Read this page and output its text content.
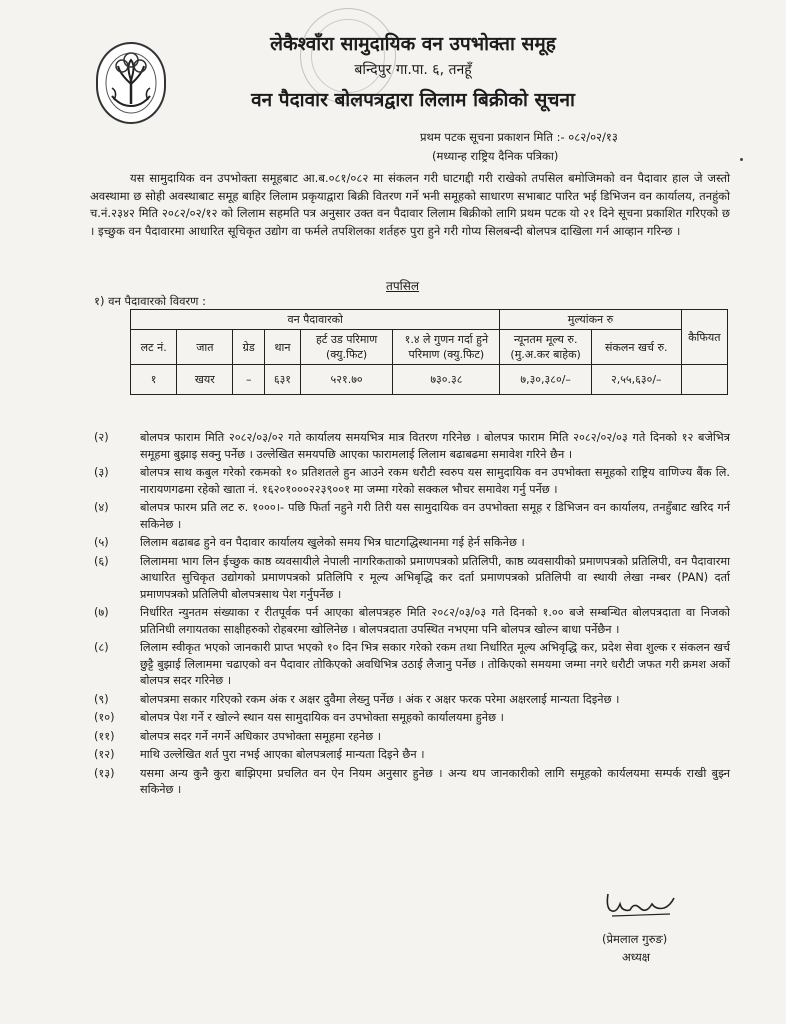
लेकैश्वाँरा सामुदायिक वन उपभोक्ता समूह
बन्दिपुर गा.पा. ६, तनहूँ
वन पैदावार बोलपत्रद्वारा लिलाम बिक्रीको सूचना
प्रथम पटक सूचना प्रकाशन मिति :- ०८२/०२/१३
(मध्यान्ह राष्ट्रिय दैनिक पत्रिका)

यस सामुदायिक वन उपभोक्ता समूहबाट आ.ब.०८१/०८२ मा संकलन गरी घाटगद्दी गरी राखेको तपसिल बमोजिमको वन पैदावार हाल जे जस्तो अवस्थामा छ सोही अवस्थाबाट समूह बाहिर लिलाम प्रकृयाद्वारा बिक्री वितरण गर्ने भनी समूहको साधारण सभाबाट पारित भई डिभिजन वन कार्यालय, तनहुंको च.नं.२३४२ मिति २०८२/०२/१२ को लिलाम सहमति पत्र अनुसार उक्त वन पैदावार लिलाम बिक्रीको लागि प्रथम पटक यो २१ दिने सूचना प्रकाशित गरिएको छ । इच्छुक वन पैदावारमा आधारित सूचिकृत उद्योग वा फर्मले तपशिलका शर्तहरु पुरा हुने गरी गोप्य सिलबन्दी बोलपत्र दाखिला गर्न आव्हान गरिन्छ ।

तपसिल
१) वन पैदावारको विवरण :
वन पैदावारको						मुल्यांकन रु		कैफियत
लट नं.	जात	ग्रेड	थान	हर्ट उड परिमाण (क्यु.फिट)	१.४ ले गुणन गर्दा हुने परिमाण (क्यु.फिट)	न्यूनतम मूल्य रु. (मु.अ.कर बाहेक)	संकलन खर्च रु.	
१	खयर	–	६३१	५२१.७०	७३०.३८	७,३०,३८०/–	२,५५,६३०/–	
(२)	बोलपत्र फाराम मिति २०८२/०३/०२ गते कार्यालय समयभित्र मात्र वितरण गरिनेछ । बोलपत्र फाराम मिति २०८२/०२/०३ गते दिनको १२ बजेभित्र समूहमा बुझाइ सक्नु पर्नेछ । उल्लेखित समयपछि आएका फारामलाई लिलाम बढाबढमा समावेश गरिने छैन ।
(३)	बोलपत्र साथ कबुल गरेको रकमको १० प्रतिशतले हुन आउने रकम धरौटी स्वरुप यस सामुदायिक वन उपभोक्ता समूहको राष्ट्रिय वाणिज्य बैंक लि. नारायणगढमा रहेको खाता नं. १६२०१०००२२३९००१ मा जम्मा गरेको सक्कल भौचर समावेश गर्नु पर्नेछ ।
(४)	बोलपत्र फारम प्रति लट रु. १०००।- पछि फिर्ता नहुने गरी तिरी यस सामुदायिक वन उपभोक्ता समूह र डिभिजन वन कार्यालय, तनहुँबाट खरिद गर्न सकिनेछ ।
(५)	लिलाम बढाबढ हुने वन पैदावार कार्यालय खुलेको समय भित्र घाटगद्धिस्थानमा गई हेर्न सकिनेछ ।
(६)	लिलाममा भाग लिन ईच्छुक काष्ठ व्यवसायीले नेपाली नागरिकताको प्रमाणपत्रको प्रतिलिपी, काष्ठ व्यवसायीको प्रमाणपत्रको प्रतिलिपी, वन पैदावारमा आधारित सुचिकृत उद्योगको प्रमाणपत्रको प्रतिलिपि र मूल्य अभिबृद्धि कर दर्ता प्रमाणपत्रको प्रतिलिपी वा स्थायी लेखा नम्बर (PAN) दर्ता प्रमाणपत्रको प्रतिलिपी बोलपत्रसाथ पेश गर्नुपर्नेछ ।
(७)	निर्धारित न्युनतम संख्याका र रीतपूर्वक पर्न आएका बोलपत्रहरु मिति २०८२/०३/०३ गते दिनको १.०० बजे सम्बन्धित बोलपत्रदाता वा निजको प्रतिनिधी लगायतका साक्षीहरुको रोहबरमा खोलिनेछ । बोलपत्रदाता उपस्थित नभएमा पनि बोलपत्र खोल्न बाधा पर्नेछैन ।
(८)	लिलाम स्वीकृत भएको जानकारी प्राप्त भएको १० दिन भित्र सकार गरेको रकम तथा निर्धारित मूल्य अभिवृद्धि कर, प्रदेश सेवा शुल्क र संकलन खर्च छुट्टै बुझाई लिलाममा चढाएको वन पैदावार तोकिएको अवधिभित्र उठाई लैजानु पर्नेछ । तोकिएको समयमा जम्मा नगरे धरौटी जफत गरी क्रमश अर्को बोलपत्र सदर गरिनेछ ।
(९)	बोलपत्रमा सकार गरिएको रकम अंक र अक्षर दुवैमा लेख्नु पर्नेछ । अंक र अक्षर फरक परेमा अक्षरलाई मान्यता दिइनेछ ।
(१०)	बोलपत्र पेश गर्ने र खोल्ने स्थान यस सामुदायिक वन उपभोक्ता समूहको कार्यालयमा हुनेछ ।
(११)	बोलपत्र सदर गर्ने नगर्ने अधिकार उपभोक्ता समूहमा रहनेछ ।
(१२)	माथि उल्लेखित शर्त पुरा नभई आएका बोलपत्रलाई मान्यता दिइने छैन ।
(१३)	यसमा अन्य कुनै कुरा बाझिएमा प्रचलित वन ऐन नियम अनुसार हुनेछ । अन्य थप जानकारीको लागि समूहको कार्यलयमा सम्पर्क राखी बुझ्न सकिनेछ ।
(प्रेमलाल गुरुङ)
अध्यक्ष
